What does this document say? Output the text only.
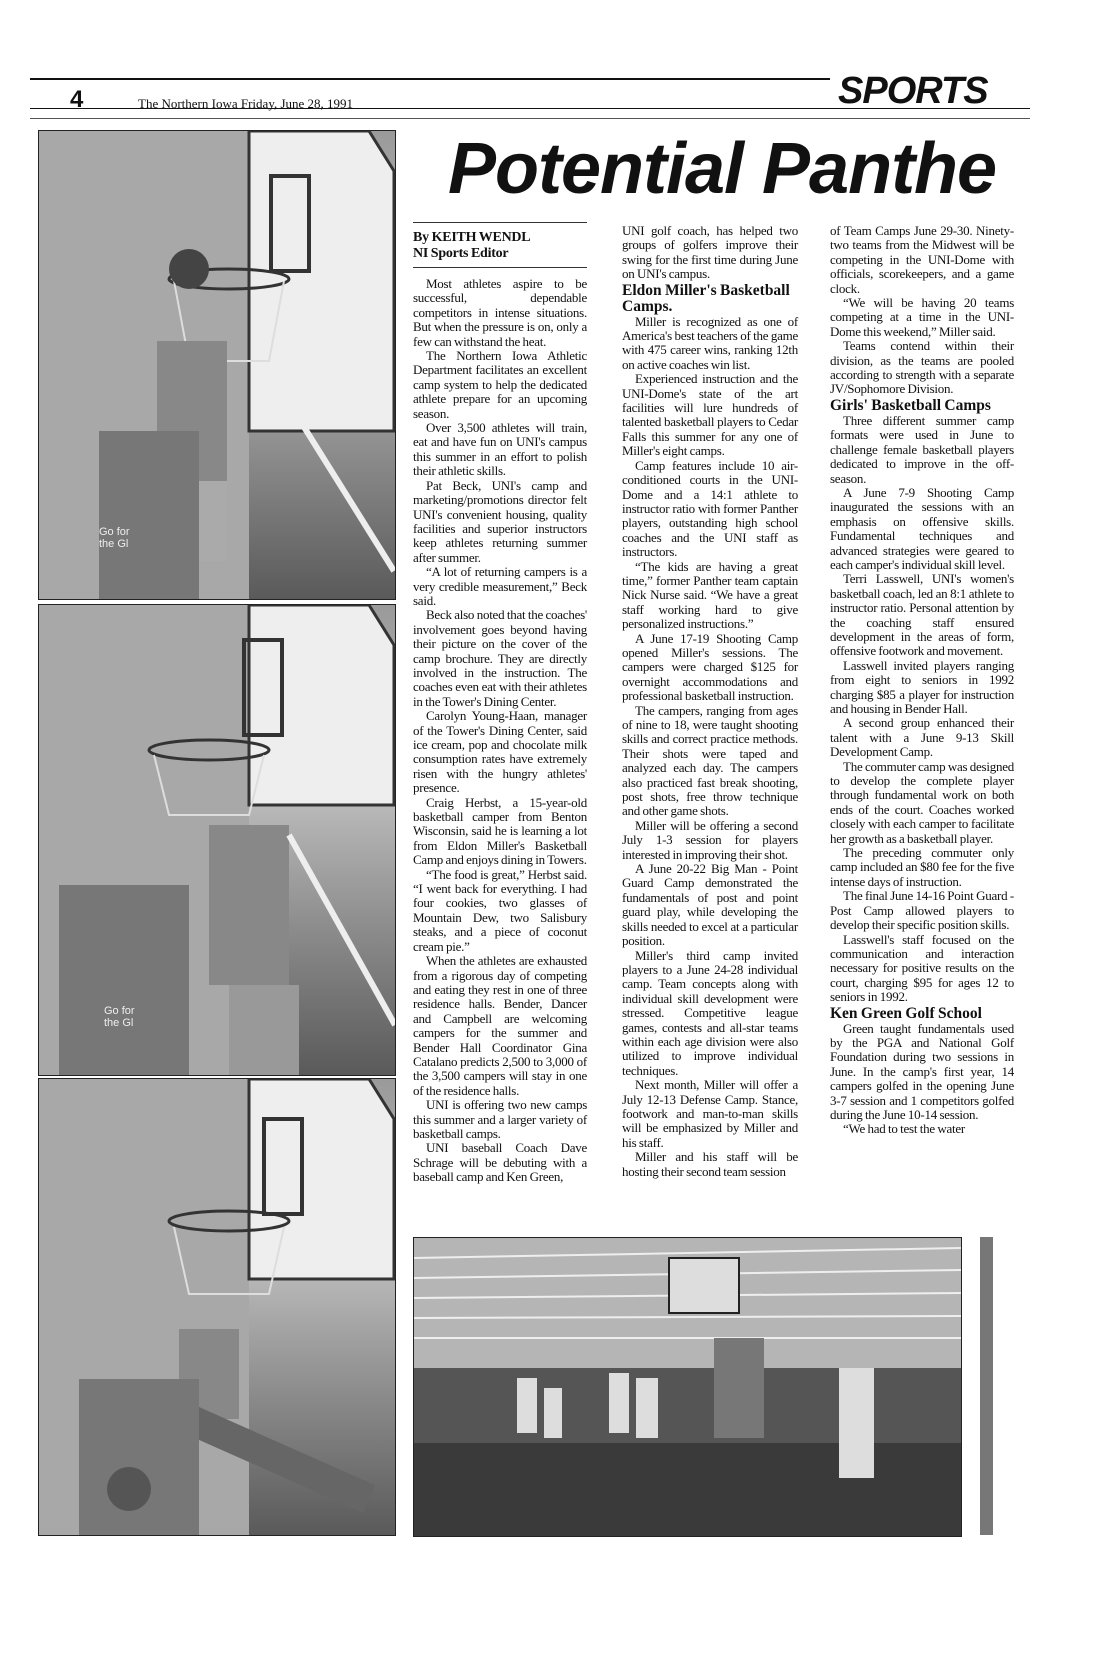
4	The Northern Iowa Friday, June 28, 1991	SPORTS
Potential Panthe
Go for
the Gl
Go for
the Gl
By KEITH WENDL
NI Sports Editor

Most athletes aspire to be successful, dependable competitors in intense situations. But when the pressure is on, only a few can withstand the heat.

The Northern Iowa Athletic Department facilitates an excellent camp system to help the dedicated athlete prepare for an upcoming season.

Over 3,500 athletes will train, eat and have fun on UNI's campus this summer in an effort to polish their athletic skills.

Pat Beck, UNI's camp and marketing/promotions director felt UNI's convenient housing, quality facilities and superior instructors keep athletes returning summer after summer.

“A lot of returning campers is a very credible measurement,” Beck said.

Beck also noted that the coaches' involvement goes beyond having their picture on the cover of the camp brochure. They are directly involved in the instruction. The coaches even eat with their athletes in the Tower's Dining Center.

Carolyn Young-Haan, manager of the Tower's Dining Center, said ice cream, pop and chocolate milk consumption rates have extremely risen with the hungry athletes' presence.

Craig Herbst, a 15-year-old basketball camper from Benton Wisconsin, said he is learning a lot from Eldon Miller's Basketball Camp and enjoys dining in Towers.

“The food is great,” Herbst said. “I went back for everything. I had four cookies, two glasses of Mountain Dew, two Salisbury steaks, and a piece of coconut cream pie.”

When the athletes are exhausted from a rigorous day of competing and eating they rest in one of three residence halls. Bender, Dancer and Campbell are welcoming campers for the summer and Bender Hall Coordinator Gina Catalano predicts 2,500 to 3,000 of the 3,500 campers will stay in one of the residence halls.

UNI is offering two new camps this summer and a larger variety of basketball camps.

UNI baseball Coach Dave Schrage will be debuting with a baseball camp and Ken Green,

UNI golf coach, has helped two groups of golfers improve their swing for the first time during June on UNI's campus.

Eldon Miller's Basketball Camps.

Miller is recognized as one of America's best teachers of the game with 475 career wins, ranking 12th on active coaches win list.

Experienced instruction and the UNI-Dome's state of the art facilities will lure hundreds of talented basketball players to Cedar Falls this summer for any one of Miller's eight camps.

Camp features include 10 air-conditioned courts in the UNI-Dome and a 14:1 athlete to instructor ratio with former Panther players, outstanding high school coaches and the UNI staff as instructors.

“The kids are having a great time,” former Panther team captain Nick Nurse said. “We have a great staff working hard to give personalized instructions.”

A June 17-19 Shooting Camp opened Miller's sessions. The campers were charged $125 for overnight accommodations and professional basketball instruction.

The campers, ranging from ages of nine to 18, were taught shooting skills and correct practice methods. Their shots were taped and analyzed each day. The campers also practiced fast break shooting, post shots, free throw technique and other game shots.

Miller will be offering a second July 1-3 session for players interested in improving their shot.

A June 20-22 Big Man - Point Guard Camp demonstrated the fundamentals of post and point guard play, while developing the skills needed to excel at a particular position.

Miller's third camp invited players to a June 24-28 individual camp. Team concepts along with individual skill development were stressed. Competitive league games, contests and all-star teams within each age division were also utilized to improve individual techniques.

Next month, Miller will offer a July 12-13 Defense Camp. Stance, footwork and man-to-man skills will be emphasized by Miller and his staff.

Miller and his staff will be hosting their second team session

of Team Camps June 29-30. Ninety-two teams from the Midwest will be competing in the UNI-Dome with officials, scorekeepers, and a game clock.

“We will be having 20 teams competing at a time in the UNI-Dome this weekend,” Miller said.

Teams contend within their division, as the teams are pooled according to strength with a separate JV/Sophomore Division.

Girls' Basketball Camps

Three different summer camp formats were used in June to challenge female basketball players dedicated to improve in the off-season.

A June 7-9 Shooting Camp inaugurated the sessions with an emphasis on offensive skills. Fundamental techniques and advanced strategies were geared to each camper's individual skill level.

Terri Lasswell, UNI's women's basketball coach, led an 8:1 athlete to instructor ratio. Personal attention by the coaching staff ensured development in the areas of form, offensive footwork and movement.

Lasswell invited players ranging from eight to seniors in 1992 charging $85 a player for instruction and housing in Bender Hall.

A second group enhanced their talent with a June 9-13 Skill Development Camp.

The commuter camp was designed to develop the complete player through fundamental work on both ends of the court. Coaches worked closely with each camper to facilitate her growth as a basketball player.

The preceding commuter only camp included an $80 fee for the five intense days of instruction.

The final June 14-16 Point Guard - Post Camp allowed players to develop their specific position skills.

Lasswell's staff focused on the communication and interaction necessary for positive results on the court, charging $95 for ages 12 to seniors in 1992.

Ken Green Golf School

Green taught fundamentals used by the PGA and National Golf Foundation during two sessions in June. In the camp's first year, 14 campers golfed in the opening June 3-7 session and 1 competitors golfed during the June 10-14 session.

“We had to test the water
